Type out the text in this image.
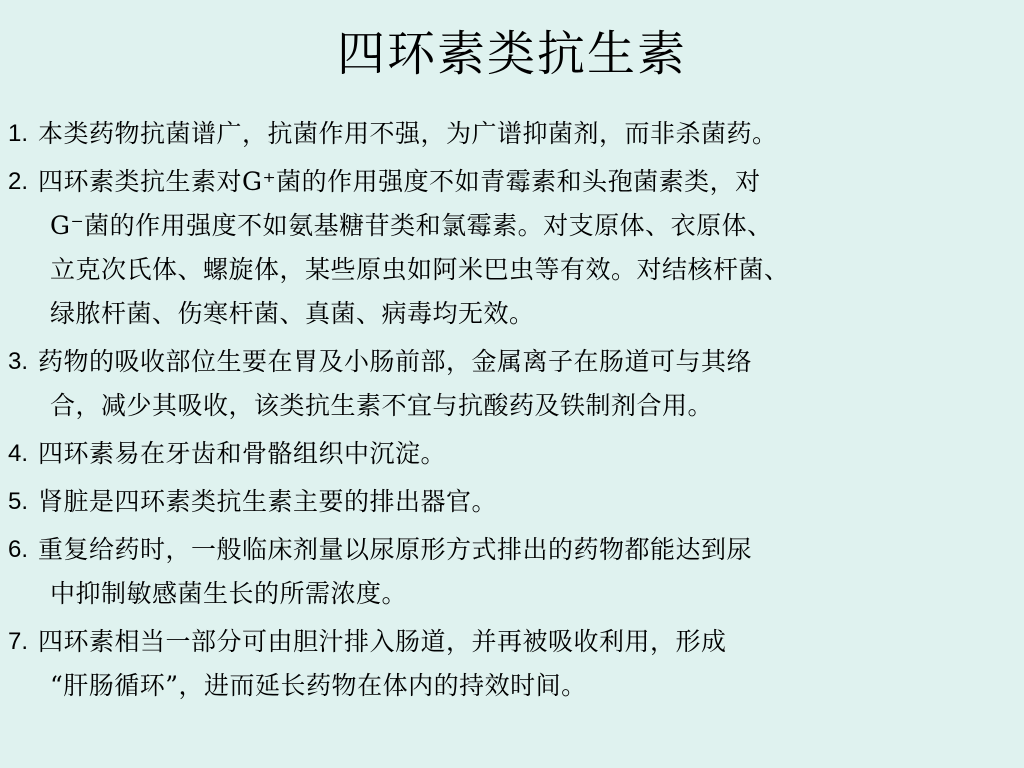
四环素类抗生素
1. 本类药物抗菌谱广，抗菌作用不强，为广谱抑菌剂，而非杀菌药。
2. 四环素类抗生素对G⁺菌的作用强度不如青霉素和头孢菌素类，对
G⁻菌的作用强度不如氨基糖苷类和氯霉素。对支原体、衣原体、
立克次氏体、螺旋体，某些原虫如阿米巴虫等有效。对结核杆菌、
绿脓杆菌、伤寒杆菌、真菌、病毒均无效。
3. 药物的吸收部位生要在胃及小肠前部，金属离子在肠道可与其络
合，减少其吸收，该类抗生素不宜与抗酸药及铁制剂合用。
4. 四环素易在牙齿和骨骼组织中沉淀。
5. 肾脏是四环素类抗生素主要的排出器官。
6. 重复给药时，一般临床剂量以尿原形方式排出的药物都能达到尿
中抑制敏感菌生长的所需浓度。
7. 四环素相当一部分可由胆汁排入肠道，并再被吸收利用，形成
“肝肠循环”，进而延长药物在体内的持效时间。
